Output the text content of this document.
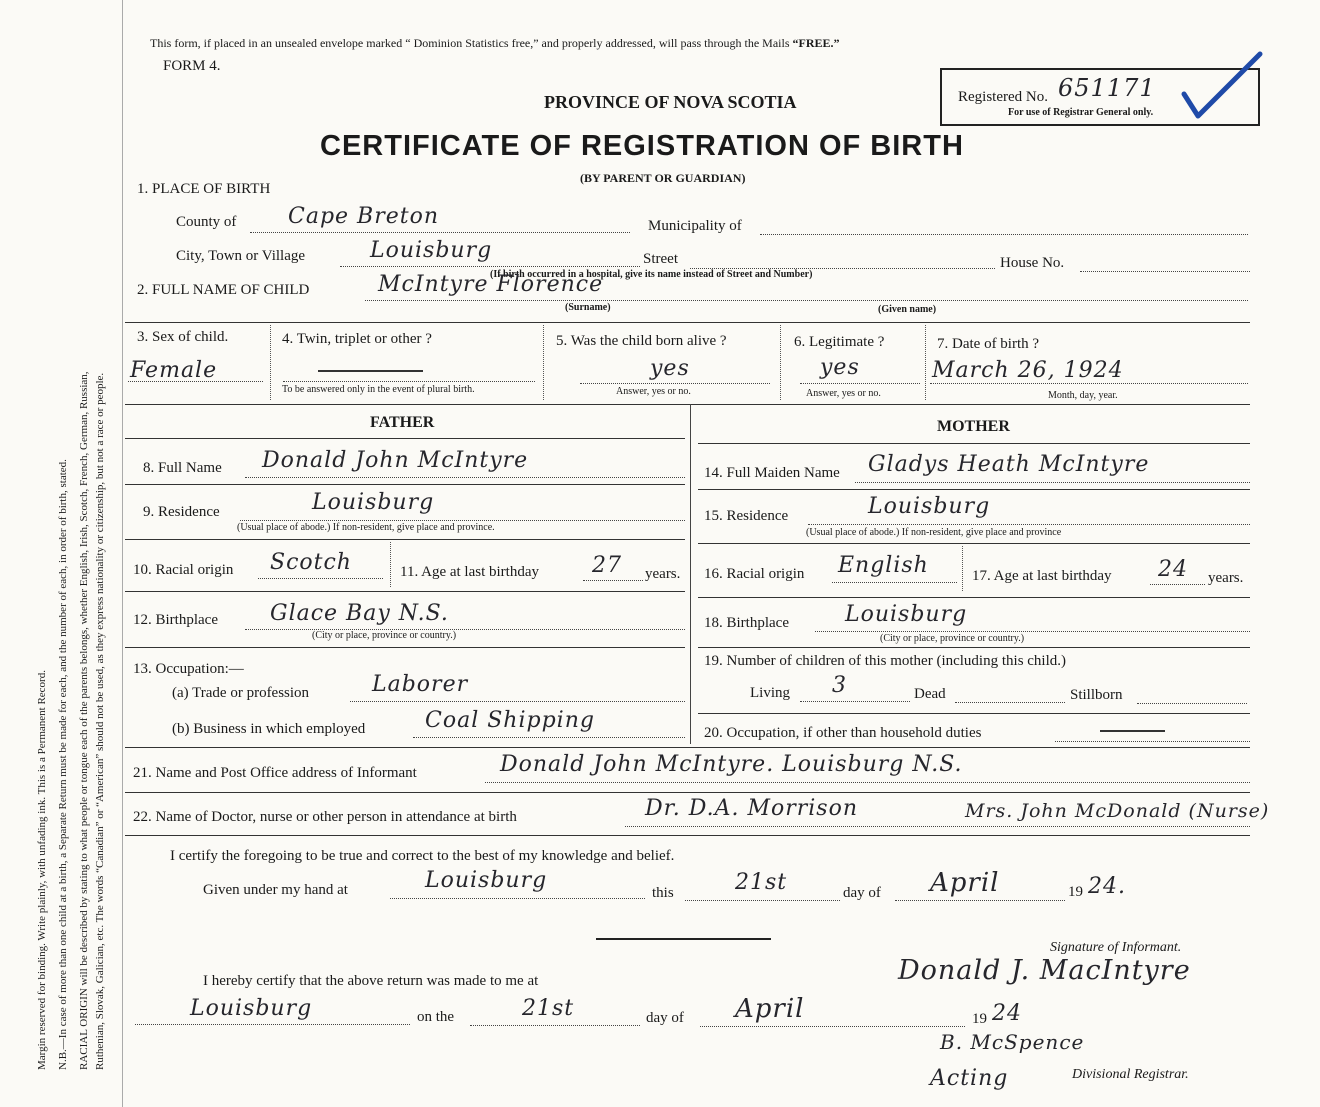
Margin reserved for binding. Write plainly, with unfading ink. This is a Permanent Record. N.B.—In case of more than one child at a birth, a Separate Return must be made for each, and the number of each, in order of birth, stated. RACIAL ORIGIN will be described by stating to what people or tongue each of the parents belongs, whether English, Irish, Scotch, French, German, Russian, Ruthenian, Slovak, Galician, etc. The words “Canadian” or “American” should not be used, as they express nationality or citizenship, but not a race or people.
This form, if placed in an unsealed envelope marked “ Dominion Statistics free,” and properly addressed, will pass through the Mails “FREE.”
FORM 4.
PROVINCE OF NOVA SCOTIA
CERTIFICATE OF REGISTRATION OF BIRTH
(BY PARENT OR GUARDIAN)
Registered No. 651171
For use of Registrar General only.
1. PLACE OF BIRTH
County of Cape Breton	Municipality of
City, Town or Village	Louisburg	Street	House No.
(If birth occurred in a hospital, give its name instead of Street and Number)
2. FULL NAME OF CHILD	McIntyre Florence
(Surname)	(Given name)
3. Sex of child.
Female
4. Twin, triplet or other ?
To be answered only in the event of plural birth.
5. Was the child born alive ?
yes
Answer, yes or no.
6. Legitimate ?
yes
Answer, yes or no.
7. Date of birth ?
March 26, 1924
Month, day, year.
FATHER	MOTHER
8. Full Name Donald John McIntyre
9. Residence	Louisburg
(Usual place of abode.) If non-resident, give place and province.
10. Racial origin Scotch	11. Age at last birthday 27 years.
12. Birthplace Glace Bay N.S.
(City or place, province or country.)
13. Occupation:—
(a) Trade or profession	Laborer
(b) Business in which employed	Coal Shipping
14. Full Maiden Name Gladys Heath McIntyre
15. Residence	Louisburg
(Usual place of abode.) If non-resident, give place and province
16. Racial origin English	17. Age at last birthday 24 years.
18. Birthplace	Louisburg
(City or place, province or country.)
19. Number of children of this mother (including this child.)
Living 3	Dead	Stillborn
20. Occupation, if other than household duties
21. Name and Post Office address of Informant	Donald John McIntyre. Louisburg N.S.
22. Name of Doctor, nurse or other person in attendance at birth	Dr. D.A. Morrison	Mrs. John McDonald (Nurse)
I certify the foregoing to be true and correct to the best of my knowledge and belief.
Given under my hand at	Louisburg	this	21st	day of April	19 24.
Signature of Informant.
Donald J. MacIntyre
I hereby certify that the above return was made to me at
Louisburg	on the	21st	day of April	19 24
B. McSpence
Acting	Divisional Registrar.
